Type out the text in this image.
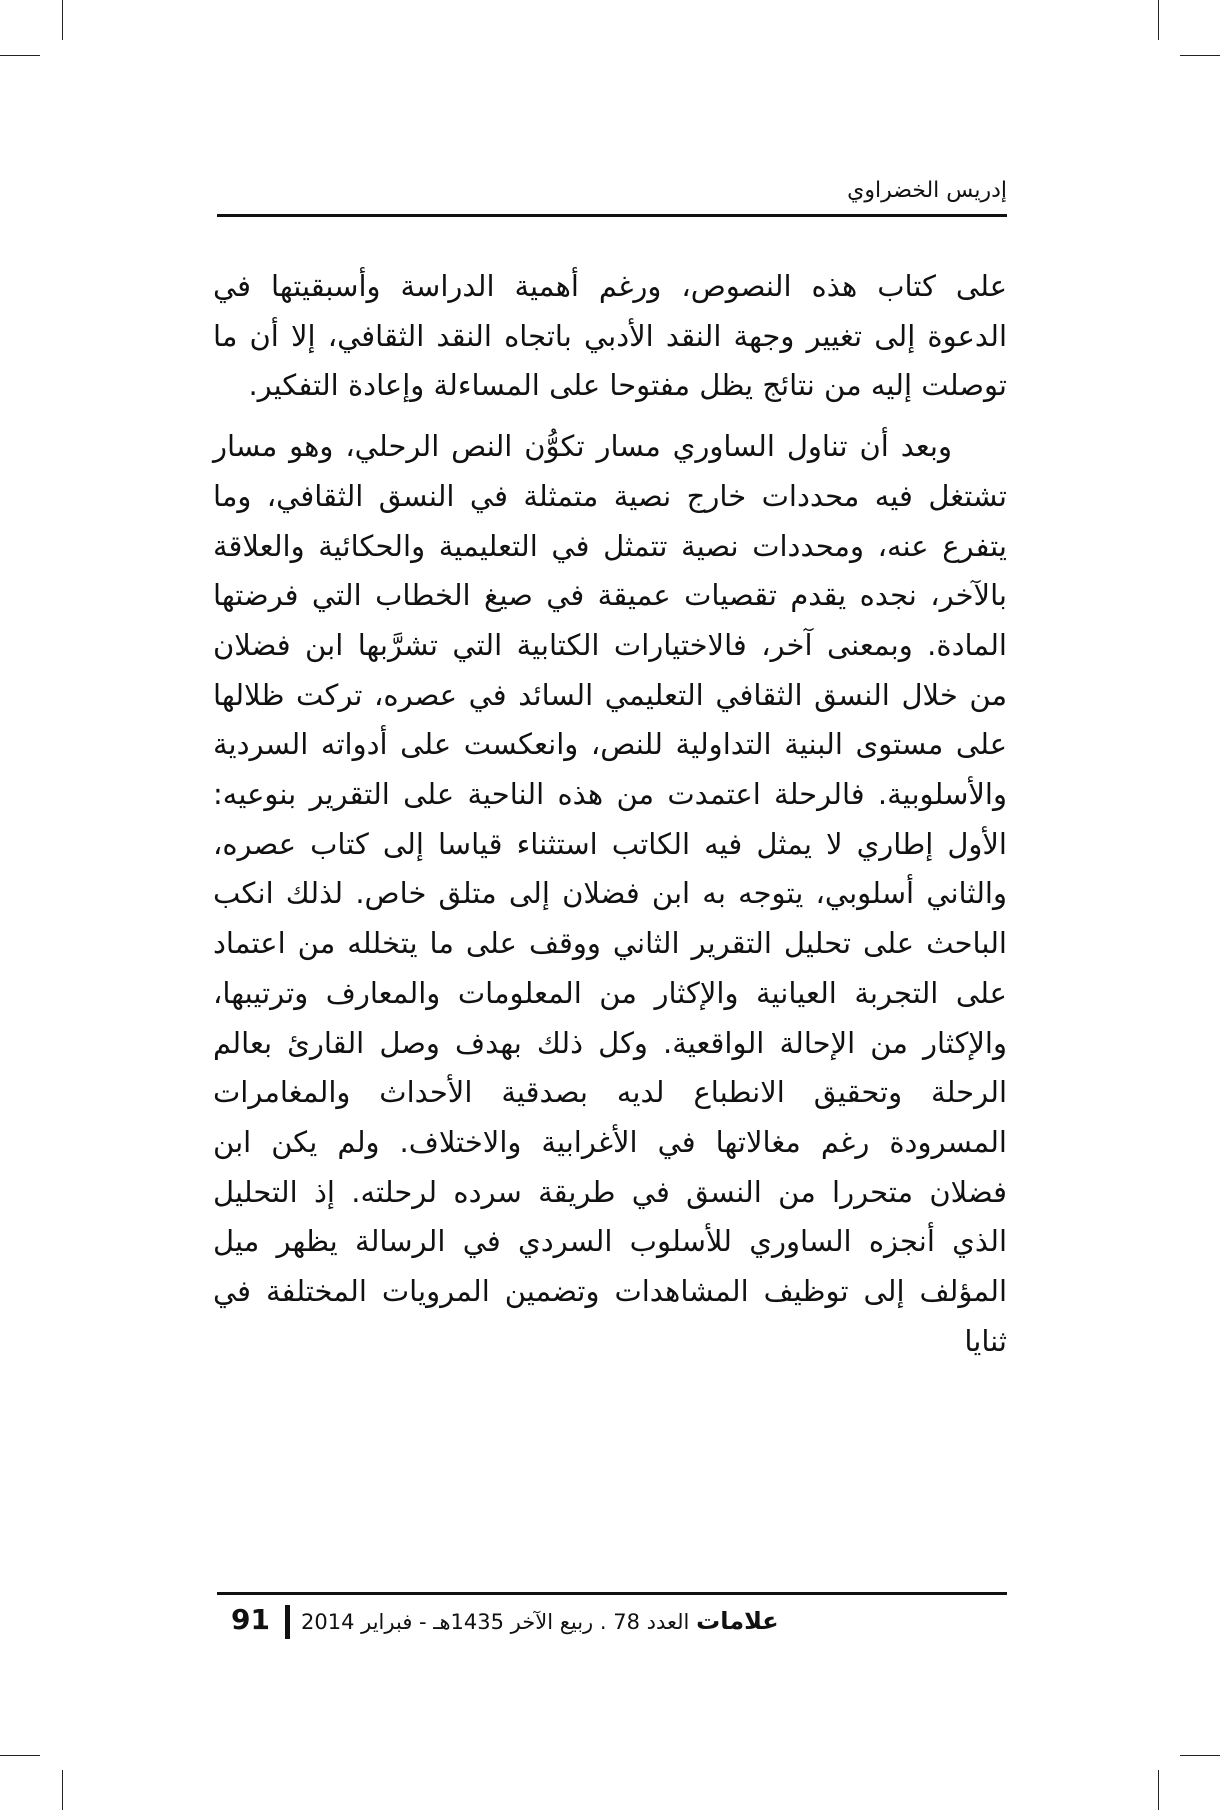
إدريس الخضراوي

على كتاب هذه النصوص، ورغم أهمية الدراسة وأسبقيتها في الدعوة إلى تغيير وجهة النقد الأدبي باتجاه النقد الثقافي، إلا أن ما توصلت إليه من نتائج يظل مفتوحا على المساءلة وإعادة التفكير.

وبعد أن تناول الساوري مسار تكوُّن النص الرحلي، وهو مسار تشتغل فيه محددات خارج نصية متمثلة في النسق الثقافي، وما يتفرع عنه، ومحددات نصية تتمثل في التعليمية والحكائية والعلاقة بالآخر، نجده يقدم تقصيات عميقة في صيغ الخطاب التي فرضتها المادة. وبمعنى آخر، فالاختيارات الكتابية التي تشرَّبها ابن فضلان من خلال النسق الثقافي التعليمي السائد في عصره، تركت ظلالها على مستوى البنية التداولية للنص، وانعكست على أدواته السردية والأسلوبية. فالرحلة اعتمدت من هذه الناحية على التقرير بنوعيه: الأول إطاري لا يمثل فيه الكاتب استثناء قياسا إلى كتاب عصره، والثاني أسلوبي، يتوجه به ابن فضلان إلى متلق خاص. لذلك انكب الباحث على تحليل التقرير الثاني ووقف على ما يتخلله من اعتماد على التجربة العيانية والإكثار من المعلومات والمعارف وترتيبها، والإكثار من الإحالة الواقعية. وكل ذلك بهدف وصل القارئ بعالم الرحلة وتحقيق الانطباع لديه بصدقية الأحداث والمغامرات المسرودة رغم مغالاتها في الأغرابية والاختلاف. ولم يكن ابن فضلان متحررا من النسق في طريقة سرده لرحلته. إذ التحليل الذي أنجزه الساوري للأسلوب السردي في الرسالة يظهر ميل المؤلف إلى توظيف المشاهدات وتضمين المرويات المختلفة في ثنايا

91	علامات العدد 78 . ربيع الآخر 1435هـ - فبراير 2014
